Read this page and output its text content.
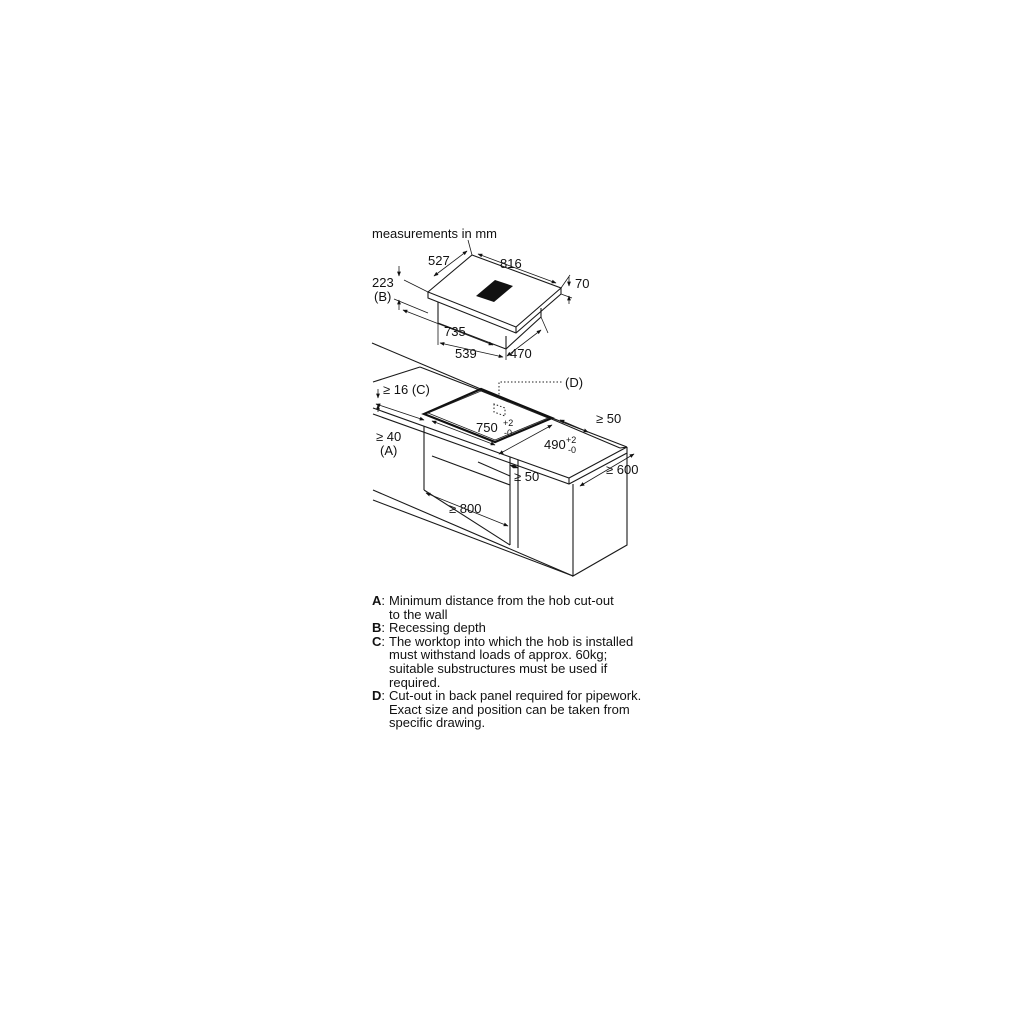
measurements in mm
527	816
70
223
(B)
735
539	470
(D)
≥ 16 (C)
≥ 40
(A)
750 +2
-0
490 +2
-0
≥ 50
≥ 50	≥ 600
≥ 800
A : Minimum distance from the hob cut-out to the wall
B : Recessing depth
C : The worktop into which the hob is installed must withstand loads of approx. 60kg; suitable substructures must be used if required.
D : Cut-out in back panel required for pipework. Exact size and position can be taken from specific drawing.
